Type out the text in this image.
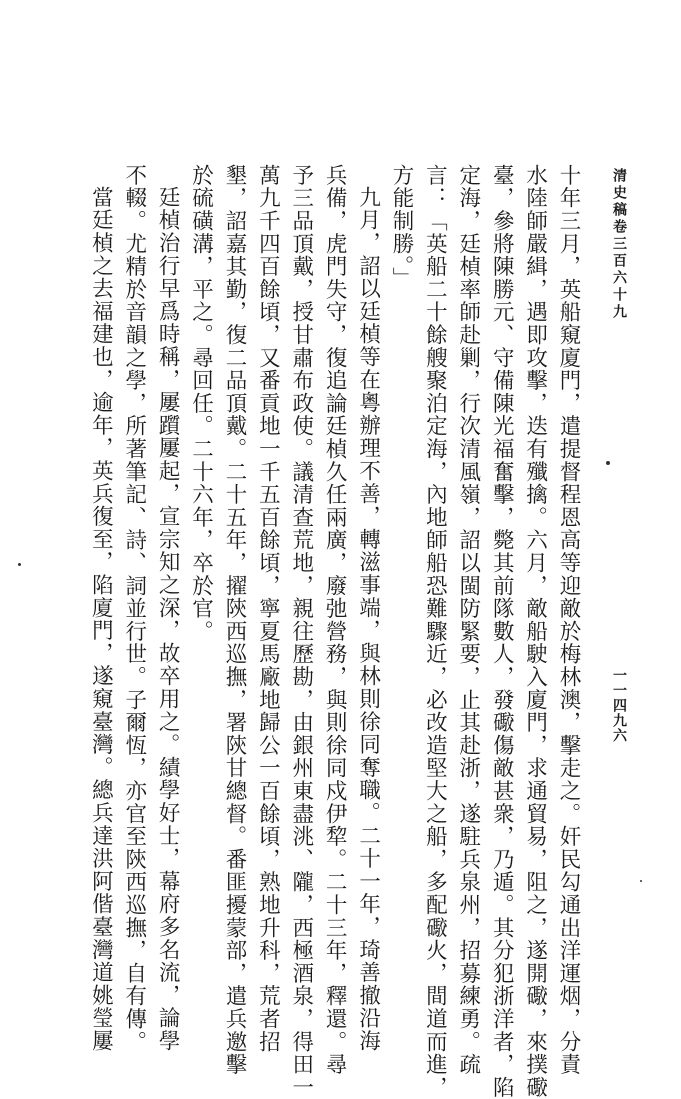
清史稿卷三百六十九
一一四九六
十年三月，英船窺廈門，遣提督程恩高等迎敵於梅林澳，擊走之。奸民勾通出洋運烟，分責
水陸師嚴緝，遇即攻擊，迭有殲擒。六月，敵船駛入廈門，求通貿易，阻之，遂開礮，來撲礮
臺，參將陳勝元、守備陳光福奮擊，斃其前隊數人，發礮傷敵甚衆，乃遁。其分犯浙洋者，陷
定海，廷楨率師赴剿，行次清風嶺，詔以閩防緊要，止其赴浙，遂駐兵泉州，招募練勇。疏
言：「英船二十餘艘聚泊定海，內地師船恐難驟近，必改造堅大之船，多配礮火，間道而進，
方能制勝。」
九月，詔以廷楨等在粵辦理不善，轉滋事端，與林則徐同奪職。二十一年，琦善撤沿海
兵備，虎門失守，復追論廷楨久任兩廣，廢弛營務，與則徐同戍伊犂。二十三年，釋還。尋
予三品頂戴，授甘肅布政使。議清查荒地，親往歷勘，由銀州東盡洮、隴，西極酒泉，得田一
萬九千四百餘頃，又番貢地一千五百餘頃，寧夏馬廠地歸公一百餘頃，熟地升科，荒者招
墾，詔嘉其勤，復二品頂戴。二十五年，擢陝西巡撫，署陝甘總督。番匪擾蒙部，遣兵邀擊
於硫磺溝，平之。尋回任。二十六年，卒於官。
廷楨治行早爲時稱，屢躓屢起，宣宗知之深，故卒用之。績學好士，幕府多名流，論學
不輟。尤精於音韻之學，所著筆記、詩、詞並行世。子爾恆，亦官至陝西巡撫，自有傳。
當廷楨之去福建也，逾年，英兵復至，陷廈門，遂窺臺灣。總兵達洪阿偕臺灣道姚瑩屢
